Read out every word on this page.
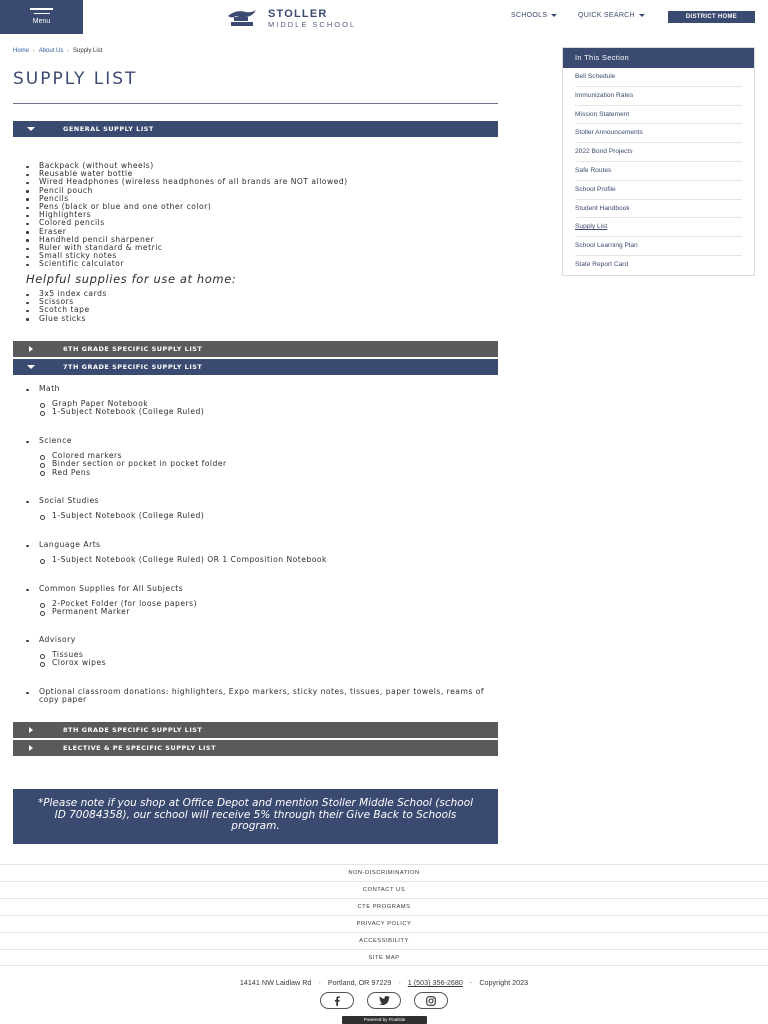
Menu
STOLLER
MIDDLE SCHOOL
SCHOOLS	QUICK SEARCH	DISTRICT HOME
Home › About Us › Supply List
SUPPLY LIST
GENERAL SUPPLY LIST
Backpack (without wheels)
Reusable water bottle
Wired Headphones (wireless headphones of all brands are NOT allowed)
Pencil pouch
Pencils
Pens (black or blue and one other color)
Highlighters
Colored pencils
Eraser
Handheld pencil sharpener
Ruler with standard & metric
Small sticky notes
Scientific calculator
Helpful supplies for use at home:
3x5 index cards
Scissors
Scotch tape
Glue sticks
6TH GRADE SPECIFIC SUPPLY LIST
7TH GRADE SPECIFIC SUPPLY LIST
Math
Graph Paper Notebook
1-Subject Notebook (College Ruled)
Science
Colored markers
Binder section or pocket in pocket folder
Red Pens
Social Studies
1-Subject Notebook (College Ruled)
Language Arts
1-Subject Notebook (College Ruled) OR 1 Composition Notebook
Common Supplies for All Subjects
2-Pocket Folder (for loose papers)
Permanent Marker
Advisory
Tissues
Clorox wipes
Optional classroom donations: highlighters, Expo markers, sticky notes, tissues, paper towels, reams of copy paper
8TH GRADE SPECIFIC SUPPLY LIST
ELECTIVE & PE SPECIFIC SUPPLY LIST
*Please note if you shop at Office Depot and mention Stoller Middle School (school ID 70084358), our school will receive 5% through their Give Back to Schools program.
In This Section
Bell Schedule
Immunization Rates
Mission Statement
Stoller Announcements
2022 Bond Projects
Safe Routes
School Profile
Student Handbook
Supply List
School Learning Plan
State Report Card
NON-DISCRIMINATION
CONTACT US
CTE PROGRAMS
PRIVACY POLICY
ACCESSIBILITY
SITE MAP
14141 NW Laidlaw Rd - Portland, OR 97229 - 1 (503) 356-2680 - Copyright 2023
Powered by Finalsite
